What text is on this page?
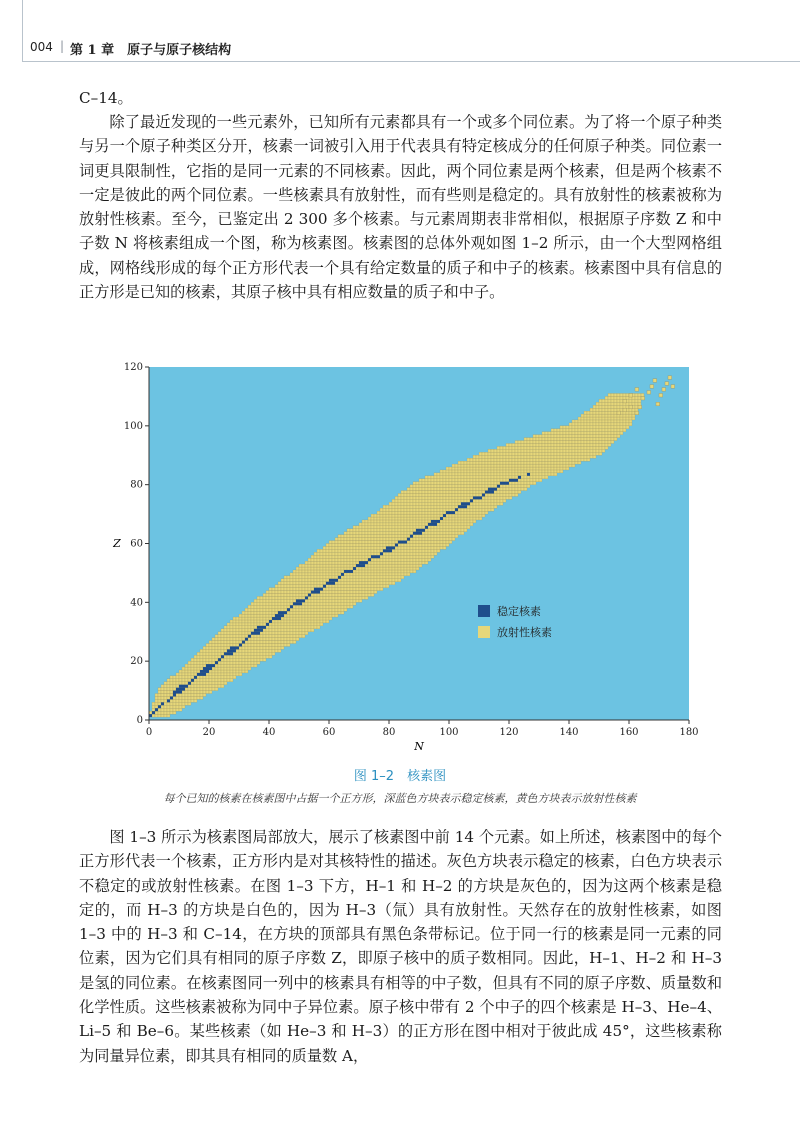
004 | 第 1 章　原子与原子核结构

C–14。

除了最近发现的一些元素外，已知所有元素都具有一个或多个同位素。为了将一个原子种类与另一个原子种类区分开，核素一词被引入用于代表具有特定核成分的任何原子种类。同位素一词更具限制性，它指的是同一元素的不同核素。因此，两个同位素是两个核素，但是两个核素不一定是彼此的两个同位素。一些核素具有放射性，而有些则是稳定的。具有放射性的核素被称为放射性核素。至今，已鉴定出 2 300 多个核素。与元素周期表非常相似，根据原子序数 Z 和中子数 N 将核素组成一个图，称为核素图。核素图的总体外观如图 1–2 所示，由一个大型网格组成，网格线形成的每个正方形代表一个具有给定数量的质子和中子的核素。核素图中具有信息的正方形是已知的核素，其原子核中具有相应数量的质子和中子。

0	20	40	60	80	100	120	140	160	180
0
20
40
60
80
100
120
N
Z
稳定核素
放射性核素
图 1–2　核素图
每个已知的核素在核素图中占据一个正方形，深蓝色方块表示稳定核素，黄色方块表示放射性核素

图 1–3 所示为核素图局部放大，展示了核素图中前 14 个元素。如上所述，核素图中的每个正方形代表一个核素，正方形内是对其核特性的描述。灰色方块表示稳定的核素，白色方块表示不稳定的或放射性核素。在图 1–3 下方，H–1 和 H–2 的方块是灰色的，因为这两个核素是稳定的，而 H–3 的方块是白色的，因为 H–3（氚）具有放射性。天然存在的放射性核素，如图 1–3 中的 H–3 和 C–14，在方块的顶部具有黑色条带标记。位于同一行的核素是同一元素的同位素，因为它们具有相同的原子序数 Z，即原子核中的质子数相同。因此，H–1、H–2 和 H–3 是氢的同位素。在核素图同一列中的核素具有相等的中子数，但具有不同的原子序数、质量数和化学性质。这些核素被称为同中子异位素。原子核中带有 2 个中子的四个核素是 H–3、He–4、Li–5 和 Be–6。某些核素（如 He–3 和 H–3）的正方形在图中相对于彼此成 45°，这些核素称为同量异位素，即其具有相同的质量数 A，
